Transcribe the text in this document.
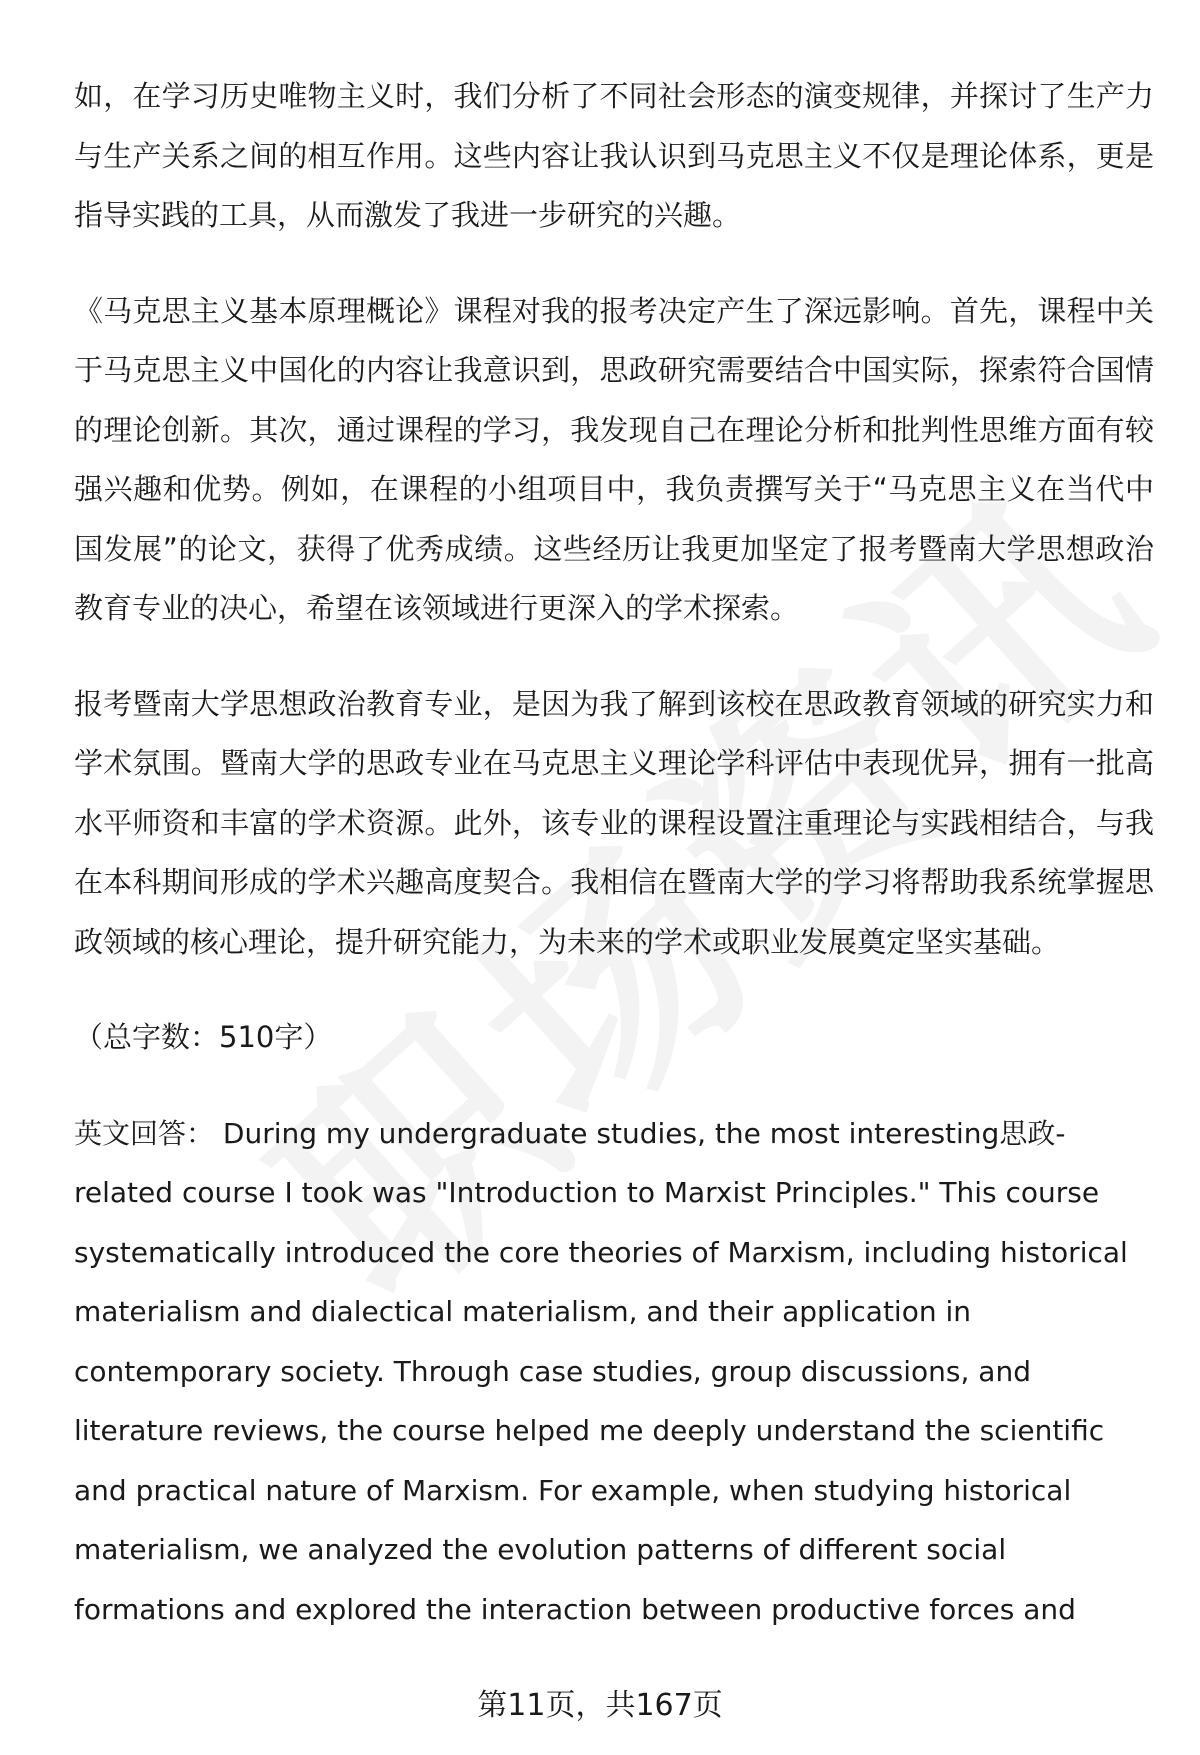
如，在学习历史唯物主义时，我们分析了不同社会形态的演变规律，并探讨了生产力与生产关系之间的相互作用。这些内容让我认识到马克思主义不仅是理论体系，更是指导实践的工具，从而激发了我进一步研究的兴趣。

《马克思主义基本原理概论》课程对我的报考决定产生了深远影响。首先，课程中关于马克思主义中国化的内容让我意识到，思政研究需要结合中国实际，探索符合国情的理论创新。其次，通过课程的学习，我发现自己在理论分析和批判性思维方面有较强兴趣和优势。例如，在课程的小组项目中，我负责撰写关于“马克思主义在当代中国发展”的论文，获得了优秀成绩。这些经历让我更加坚定了报考暨南大学思想政治教育专业的决心，希望在该领域进行更深入的学术探索。

报考暨南大学思想政治教育专业，是因为我了解到该校在思政教育领域的研究实力和学术氛围。暨南大学的思政专业在马克思主义理论学科评估中表现优异，拥有一批高水平师资和丰富的学术资源。此外，该专业的课程设置注重理论与实践相结合，与我在本科期间形成的学术兴趣高度契合。我相信在暨南大学的学习将帮助我系统掌握思政领域的核心理论，提升研究能力，为未来的学术或职业发展奠定坚实基础。

（总字数：510字）

英文回答： During my undergraduate studies, the most interesting思政-related course I took was "Introduction to Marxist Principles." This course systematically introduced the core theories of Marxism, including historical materialism and dialectical materialism, and their application in contemporary society. Through case studies, group discussions, and literature reviews, the course helped me deeply understand the scientific and practical nature of Marxism. For example, when studying historical materialism, we analyzed the evolution patterns of different social formations and explored the interaction between productive forces and

第11页，共167页
